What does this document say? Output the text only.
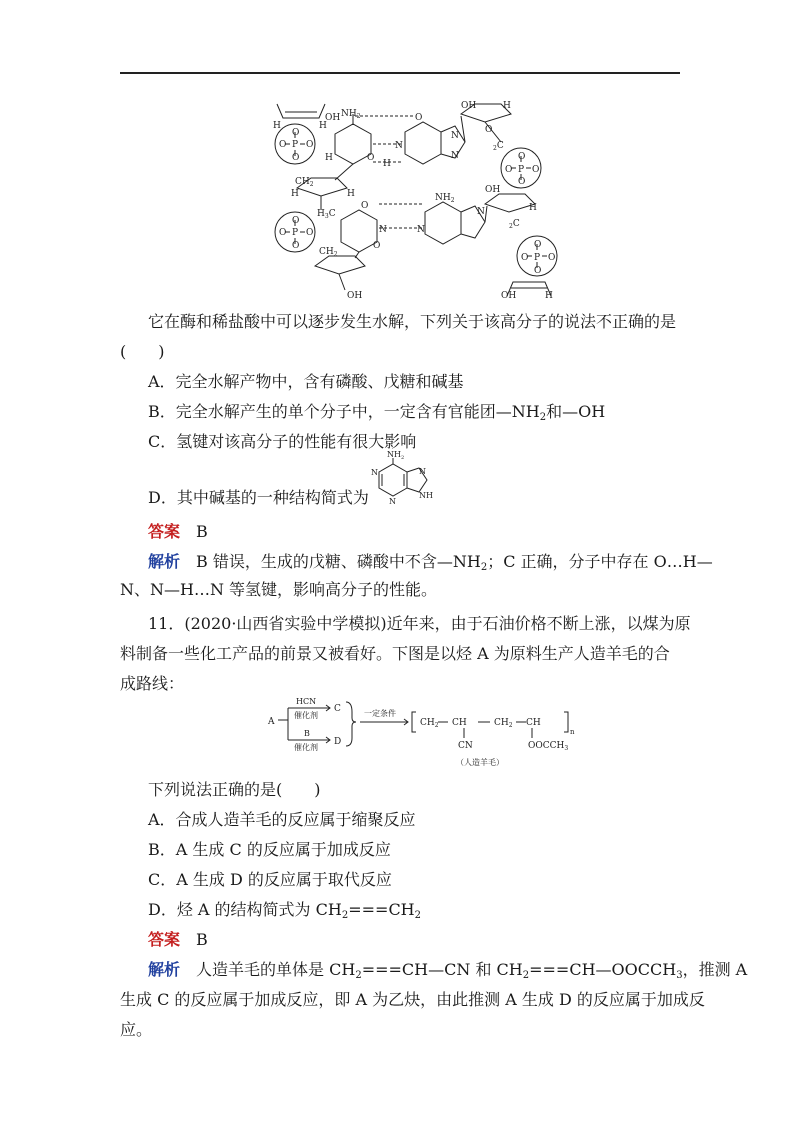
OH
H	H
O
O P O
O
$NH_2$
H	O
O
N
H
N
N
OH	H
O
$_2$C
O
O P O
O
$CH_2$
H	H
O
O P O
O
$H_3C$
O
N
O
$NH_2$
N
N
OH
H
$_2$C
O
O P O
O
$CH_2$
OH	OH	H
它在酶和稀盐酸中可以逐步发生水解，下列关于该高分子的说法不正确的是
(　　)
A．完全水解产物中，含有磷酸、戊糖和碱基
B．完全水解产生的单个分子中，一定含有官能团$—NH_2$和—OH
C．氢键对该高分子的性能有很大影响
D．其中碱基的一种结构简式为
$NH_2$
N
N
N
NH
答案　 B
解析　 B 错误，生成的戊糖、磷酸中不含$—NH_2$；C 正确，分子中存在 O…H—
N、N—H…N 等氢键，影响高分子的性能。
11．(2020·山西省实验中学模拟)近年来，由于石油价格不断上涨，以煤为原
料制备一些化工产品的前景又被看好。下图是以烃 A 为原料生产人造羊毛的合
成路线：
A
HCN
催化剂
C
B
催化剂
D
一定条件
$CH_2$ CH	$CH_2$ CH
n
CN	$OOCCH_3$
（人造羊毛）
下列说法正确的是(　　)
A．合成人造羊毛的反应属于缩聚反应
B．A 生成 C 的反应属于加成反应
C．A 生成 D 的反应属于取代反应
D．烃 A 的结构简式为 $CH_2===CH_2$
答案　 B
解析　 人造羊毛的单体是 $CH_2===CH—CN$ 和 $CH_2===CH—OOCCH_3$，推测 A
生成 C 的反应属于加成反应，即 A 为乙炔，由此推测 A 生成 D 的反应属于加成反
应。
